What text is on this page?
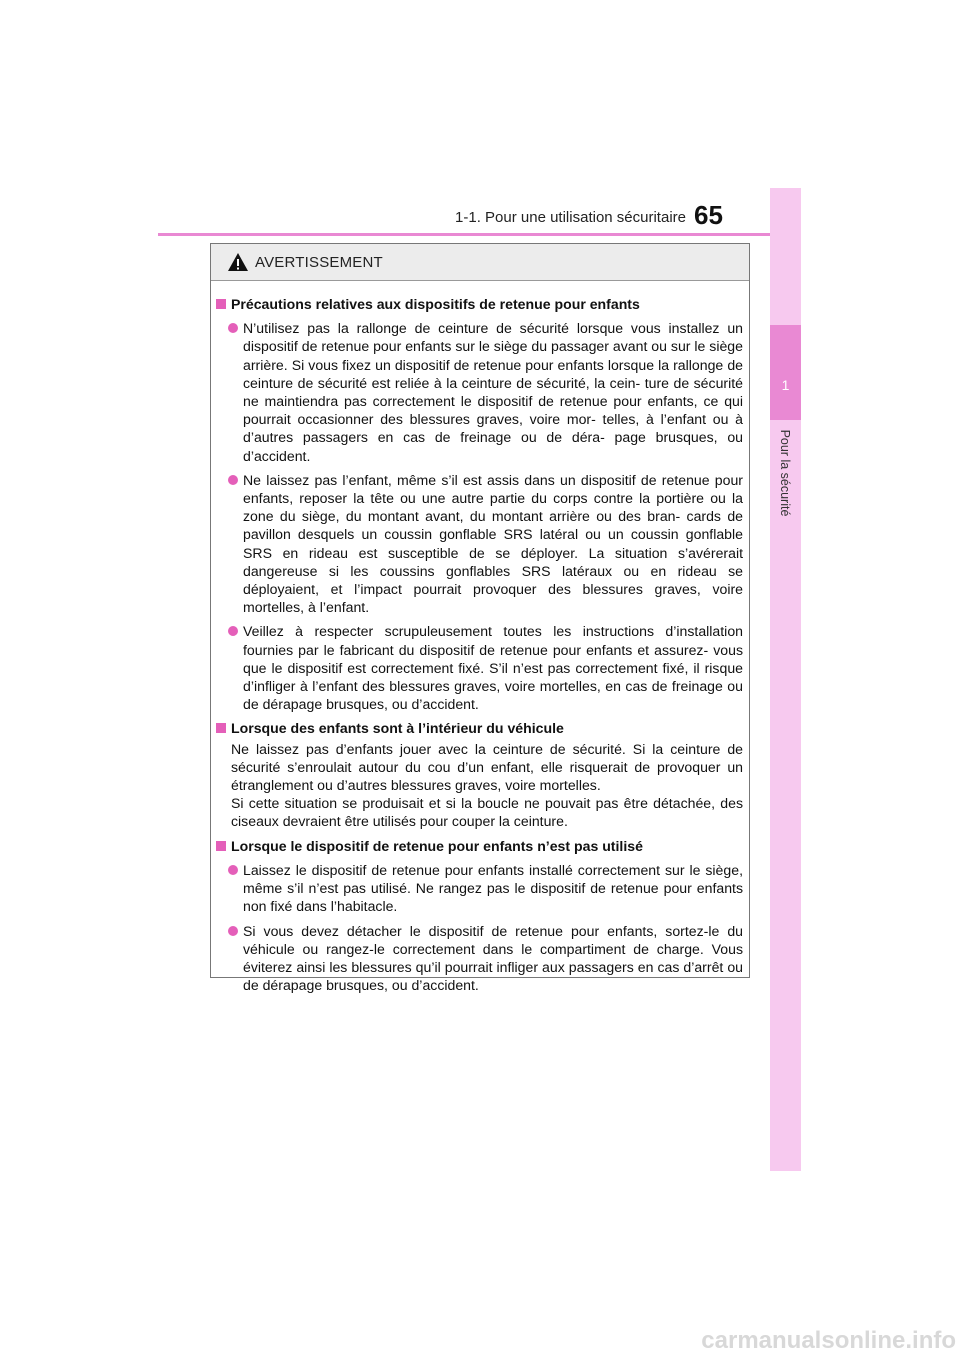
1-1. Pour une utilisation sécuritaire 65
1
Pour la sécurité
AVERTISSEMENT
Précautions relatives aux dispositifs de retenue pour enfants
N’utilisez pas la rallonge de ceinture de sécurité lorsque vous installez un dispositif de retenue pour enfants sur le siège du passager avant ou sur le siège arrière. Si vous fixez un dispositif de retenue pour enfants lorsque la rallonge de ceinture de sécurité est reliée à la ceinture de sécurité, la cein- ture de sécurité ne maintiendra pas correctement le dispositif de retenue pour enfants, ce qui pourrait occasionner des blessures graves, voire mor- telles, à l’enfant ou à d’autres passagers en cas de freinage ou de déra- page brusques, ou d’accident.
Ne laissez pas l’enfant, même s’il est assis dans un dispositif de retenue pour enfants, reposer la tête ou une autre partie du corps contre la portière ou la zone du siège, du montant avant, du montant arrière ou des bran- cards de pavillon desquels un coussin gonflable SRS latéral ou un coussin gonflable SRS en rideau est susceptible de se déployer. La situation s’avérerait dangereuse si les coussins gonflables SRS latéraux ou en rideau se déployaient, et l’impact pourrait provoquer des blessures graves, voire mortelles, à l’enfant.
Veillez à respecter scrupuleusement toutes les instructions d’installation fournies par le fabricant du dispositif de retenue pour enfants et assurez- vous que le dispositif est correctement fixé. S’il n’est pas correctement fixé, il risque d’infliger à l’enfant des blessures graves, voire mortelles, en cas de freinage ou de dérapage brusques, ou d’accident.
Lorsque des enfants sont à l’intérieur du véhicule
Ne laissez pas d’enfants jouer avec la ceinture de sécurité. Si la ceinture de sécurité s’enroulait autour du cou d’un enfant, elle risquerait de provoquer un étranglement ou d’autres blessures graves, voire mortelles.
Si cette situation se produisait et si la boucle ne pouvait pas être détachée, des ciseaux devraient être utilisés pour couper la ceinture.
Lorsque le dispositif de retenue pour enfants n’est pas utilisé
Laissez le dispositif de retenue pour enfants installé correctement sur le siège, même s’il n’est pas utilisé. Ne rangez pas le dispositif de retenue pour enfants non fixé dans l’habitacle.
Si vous devez détacher le dispositif de retenue pour enfants, sortez-le du véhicule ou rangez-le correctement dans le compartiment de charge. Vous éviterez ainsi les blessures qu’il pourrait infliger aux passagers en cas d’arrêt ou de dérapage brusques, ou d’accident.
carmanualsonline.info
